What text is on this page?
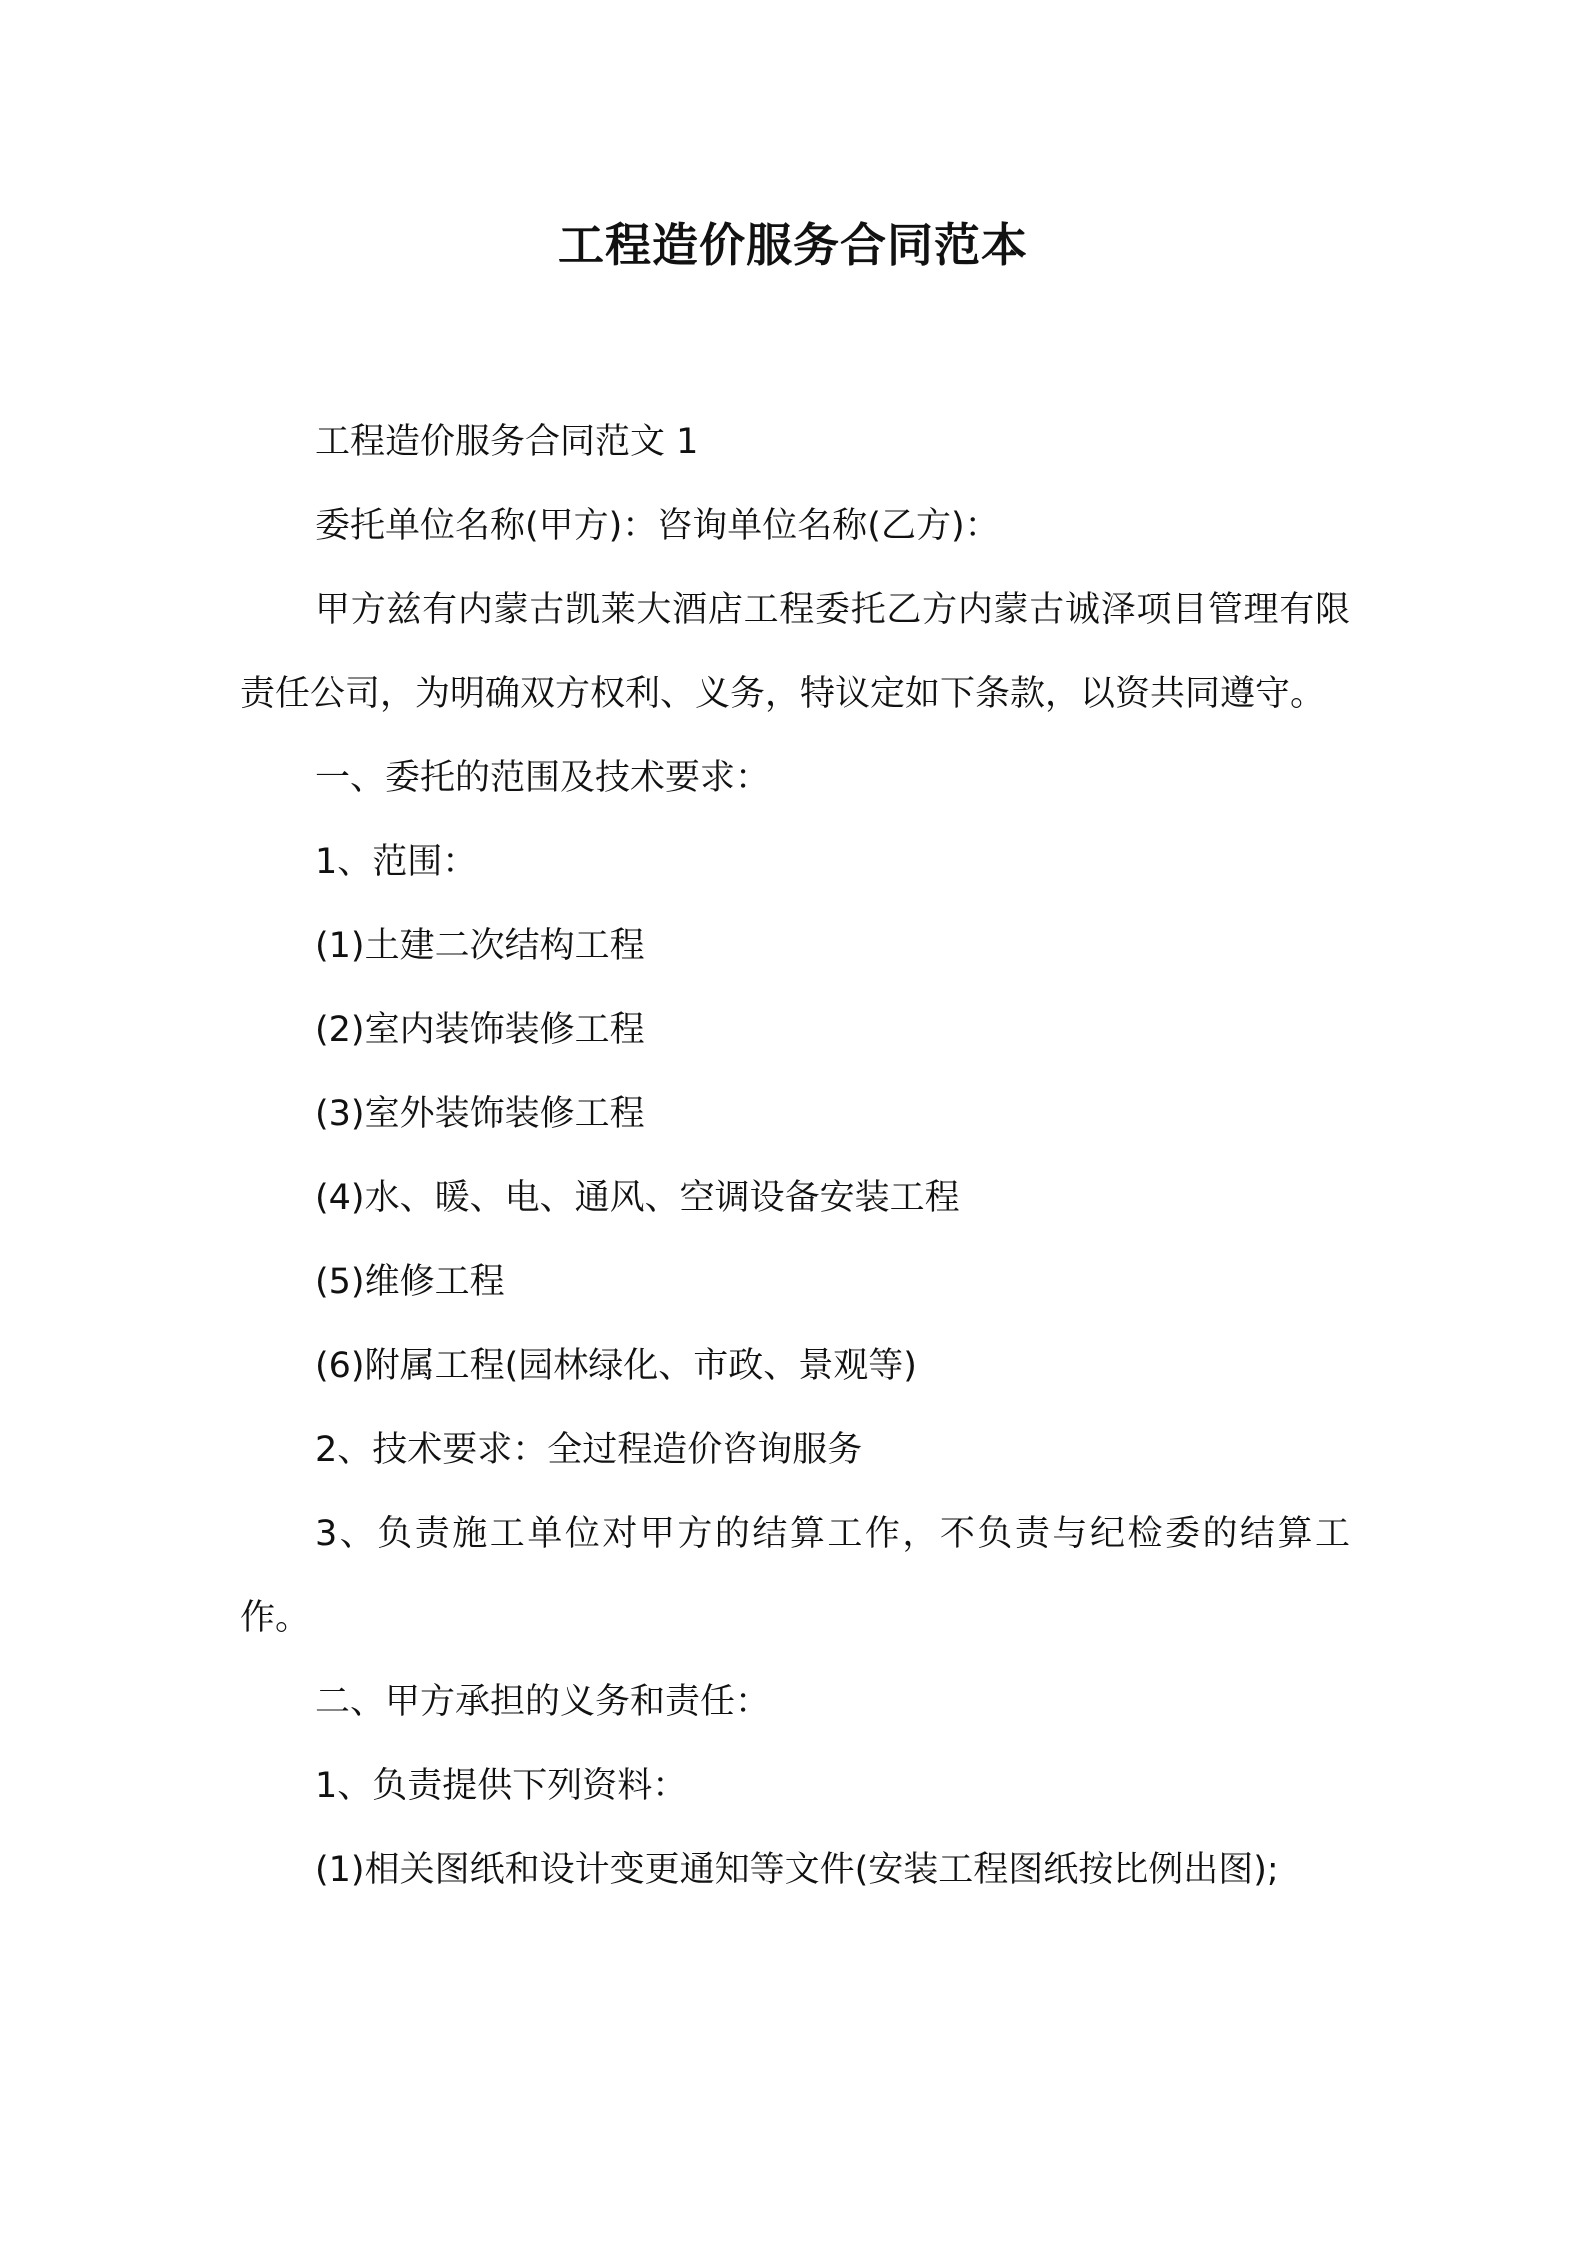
工程造价服务合同范本

工程造价服务合同范文 1

委托单位名称(甲方)：咨询单位名称(乙方)：

甲方兹有内蒙古凯莱大酒店工程委托乙方内蒙古诚泽项目管理有限责任公司，为明确双方权利、义务，特议定如下条款，以资共同遵守。

一、委托的范围及技术要求：

1、范围：

(1)土建二次结构工程

(2)室内装饰装修工程

(3)室外装饰装修工程

(4)水、暖、电、通风、空调设备安装工程

(5)维修工程

(6)附属工程(园林绿化、市政、景观等)

2、技术要求：全过程造价咨询服务

3、负责施工单位对甲方的结算工作，不负责与纪检委的结算工作。

二、甲方承担的义务和责任：

1、负责提供下列资料：

(1)相关图纸和设计变更通知等文件(安装工程图纸按比例出图);
